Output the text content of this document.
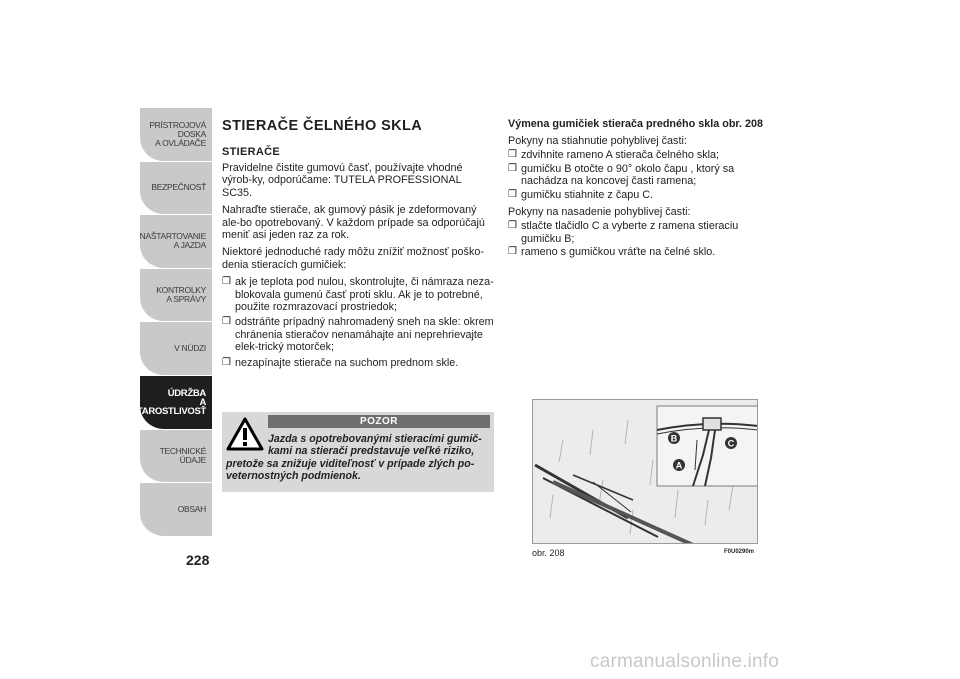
PRÍSTROJOVÁ
DOSKA
A OVLÁDAČE
BEZPEČNOSŤ
NAŠTARTOVANIE
A JAZDA
KONTROLKY
A SPRÁVY
V NÚDZI
ÚDRŽBA
A STAROSTLIVOSŤ
TECHNICKÉ ÚDAJE
OBSAH
228
STIERAČE ČELNÉHO SKLA
STIERAČE

Pravidelne čistite gumovú časť, používajte vhodné výrob-ky, odporúčame: TUTELA PROFESSIONAL SC35.

Nahraďte stierače, ak gumový pásik je zdeformovaný ale-bo opotrebovaný. V každom prípade sa odporúčajú meniť asi jeden raz za rok.

Niektoré jednoduché rady môžu znížiť možnosť poško-denia stieracích gumičiek:

❒ ak je teplota pod nulou, skontrolujte, či námraza neza-blokovala gumenú časť proti sklu. Ak je to potrebné, použite rozmrazovací prostriedok;
❒ odstráňte prípadný nahromadený sneh na skle: okrem chránenia stieračov nenamáhajte ani neprehrievajte elek-trický motorček;
❒ nezapínajte stierače na suchom prednom skle.
POZOR
Jazda s opotrebovanými stieracími gumič-
kami na stierači predstavuje veľké riziko,
pretože sa znižuje viditeľnosť v prípade zlých po-
veternostných podmienok.
Výmena gumičiek stierača predného skla obr. 208

Pokyny na stiahnutie pohyblivej časti:

❒ zdvihnite rameno A stierača čelného skla;
❒ gumičku B otočte o 90° okolo čapu , ktorý sa nachádza na koncovej časti ramena;
❒ gumičku stiahnite z čapu C.

Pokyny na nasadenie pohyblivej časti:

❒ stlačte tlačidlo C a vyberte z ramena stieraciu gumičku B;
❒ rameno s gumičkou vráťte na čelné sklo.
B	C
A
obr. 208	F0U0290m
carmanualsonline.info
